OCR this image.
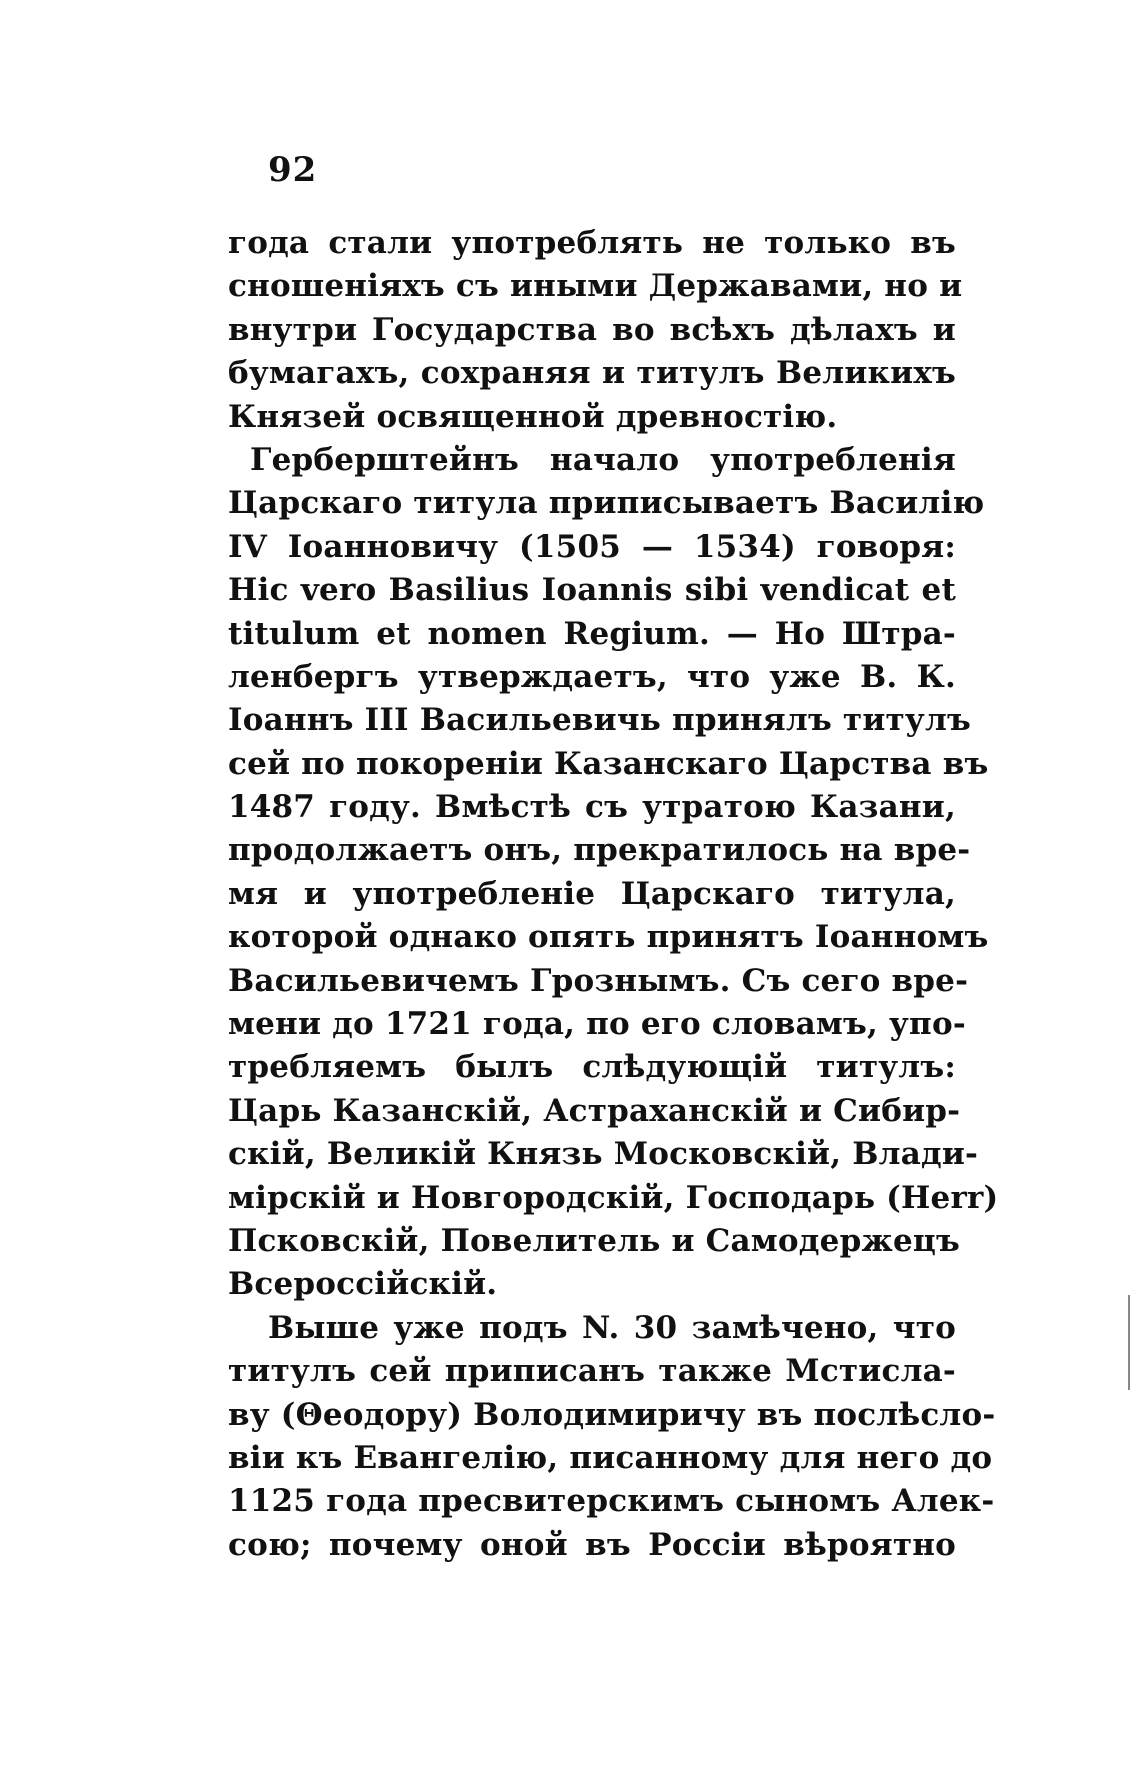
92
года стали употреблять не только въ
сношеніяхъ съ иными Державами, но и
внутри Государства во всѣхъ дѣлахъ и
бумагахъ, сохраняя и титулъ Великихъ
Князей освященной древностію.
Герберштейнъ начало употребленія
Царскаго титула приписываетъ Василію
IV Іоанновичу (1505 — 1534) говоря:
Hic vero Basilius Ioannis sibi vendicat et
titulum et nomen Regium. — Но Штра-
ленбергъ утверждаетъ, что уже В. К.
Іоаннъ III Васильевичь принялъ титулъ
сей по покореніи Казанскаго Царства въ
1487 году. Вмѣстѣ съ утратою Казани,
продолжаетъ онъ, прекратилось на вре-
мя и употребленіе Царскаго титула,
которой однако опять принятъ Іоанномъ
Васильевичемъ Грознымъ. Съ сего вре-
мени до 1721 года, по его словамъ, упо-
требляемъ былъ слѣдующій титулъ:
Царь Казанскій, Астраханскій и Сибир-
скій, Великій Князь Московскій, Влади-
мірскій и Новгородскій, Господарь (Herr)
Псковскій, Повелитель и Самодержецъ
Всероссійскій.
Выше уже подъ N. 30 замѣчено, что
титулъ сей приписанъ также Мстисла-
ву (Θеодору) Володимиричу въ послѣсло-
віи къ Евангелію, писанному для него до
1125 года пресвитерскимъ сыномъ Алек-
сою; почему оной въ Россіи вѣроятно
